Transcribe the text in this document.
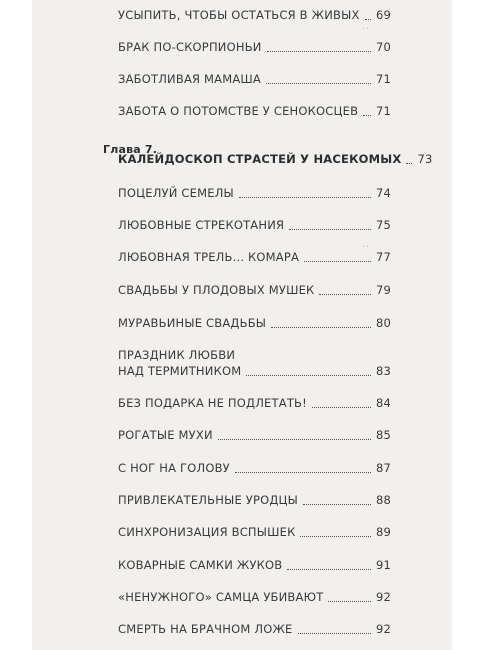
··
··
УСЫПИТЬ, ЧТОБЫ ОСТАТЬСЯ В ЖИВЫХ 69
БРАК ПО-СКОРПИОНЬИ	70
ЗАБОТЛИВАЯ МАМАША	71
ЗАБОТА О ПОТОМСТВЕ У СЕНОКОСЦЕВ 71
Глава 7.
КАЛЕЙДОСКОП СТРАСТЕЙ У НАСЕКОМЫХ 73
ПОЦЕЛУЙ СЕМЕЛЫ	74
ЛЮБОВНЫЕ СТРЕКОТАНИЯ	75
ЛЮБОВНАЯ ТРЕЛЬ... КОМАРА	77
СВАДЬБЫ У ПЛОДОВЫХ МУШЕК	79
МУРАВЬИНЫЕ СВАДЬБЫ	80
ПРАЗДНИК ЛЮБВИ
НАД ТЕРМИТНИКОМ	83
БЕЗ ПОДАРКА НЕ ПОДЛЕТАТЬ!	84
РОГАТЫЕ МУХИ	85
С НОГ НА ГОЛОВУ	87
ПРИВЛЕКАТЕЛЬНЫЕ УРОДЦЫ	88
СИНХРОНИЗАЦИЯ ВСПЫШЕК	89
КОВАРНЫЕ САМКИ ЖУКОВ	91
«НЕНУЖНОГО» САМЦА УБИВАЮТ	92
СМЕРТЬ НА БРАЧНОМ ЛОЖЕ	92
